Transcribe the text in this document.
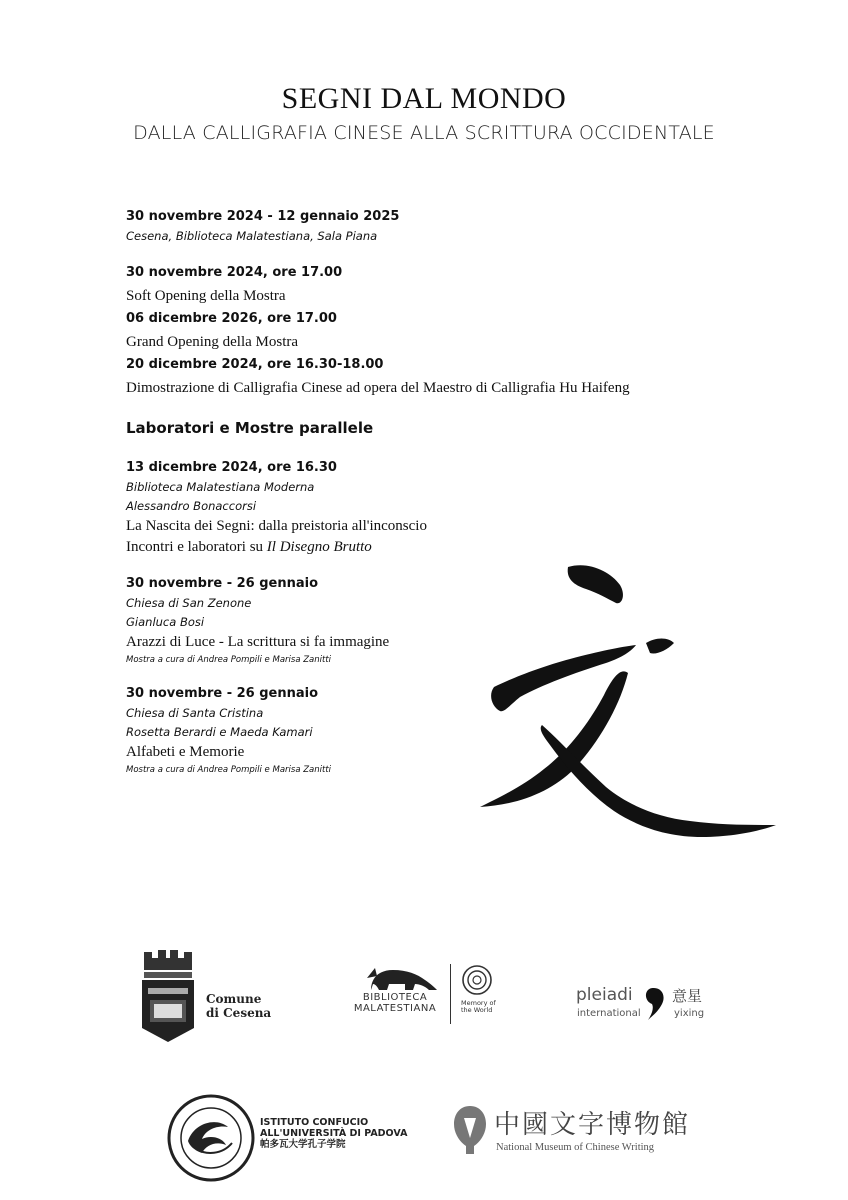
SEGNI DAL MONDO
DALLA CALLIGRAFIA CINESE ALLA SCRITTURA OCCIDENTALE
30 novembre 2024 - 12 gennaio 2025
Cesena, Biblioteca Malatestiana, Sala Piana
30 novembre 2024, ore 17.00
Soft Opening della Mostra
06 dicembre 2026, ore 17.00
Grand Opening della Mostra
20 dicembre 2024, ore 16.30-18.00
Dimostrazione di Calligrafia Cinese ad opera del Maestro di Calligrafia Hu Haifeng
Laboratori e Mostre parallele
13 dicembre 2024, ore 16.30
Biblioteca Malatestiana Moderna
Alessandro Bonaccorsi
La Nascita dei Segni: dalla preistoria all'inconscio
Incontri e laboratori su Il Disegno Brutto
30 novembre - 26 gennaio
Chiesa di San Zenone
Gianluca Bosi
Arazzi di Luce - La scrittura si fa immagine
Mostra a cura di Andrea Pompili e Marisa Zanitti
30 novembre - 26 gennaio
Chiesa di Santa Cristina
Rosetta Berardi e Maeda Kamari
Alfabeti e Memorie
Mostra a cura di Andrea Pompili e Marisa Zanitti
Comune
di Cesena
BIBLIOTECA
MALATESTIANA	Memory of
the World
pleiadi
international
意星
yixing
ISTITUTO CONFUCIO
ALL'UNIVERSITÀ DI PADOVA
帕多瓦大学孔子学院
中國文字博物館
National Museum of Chinese Writing
